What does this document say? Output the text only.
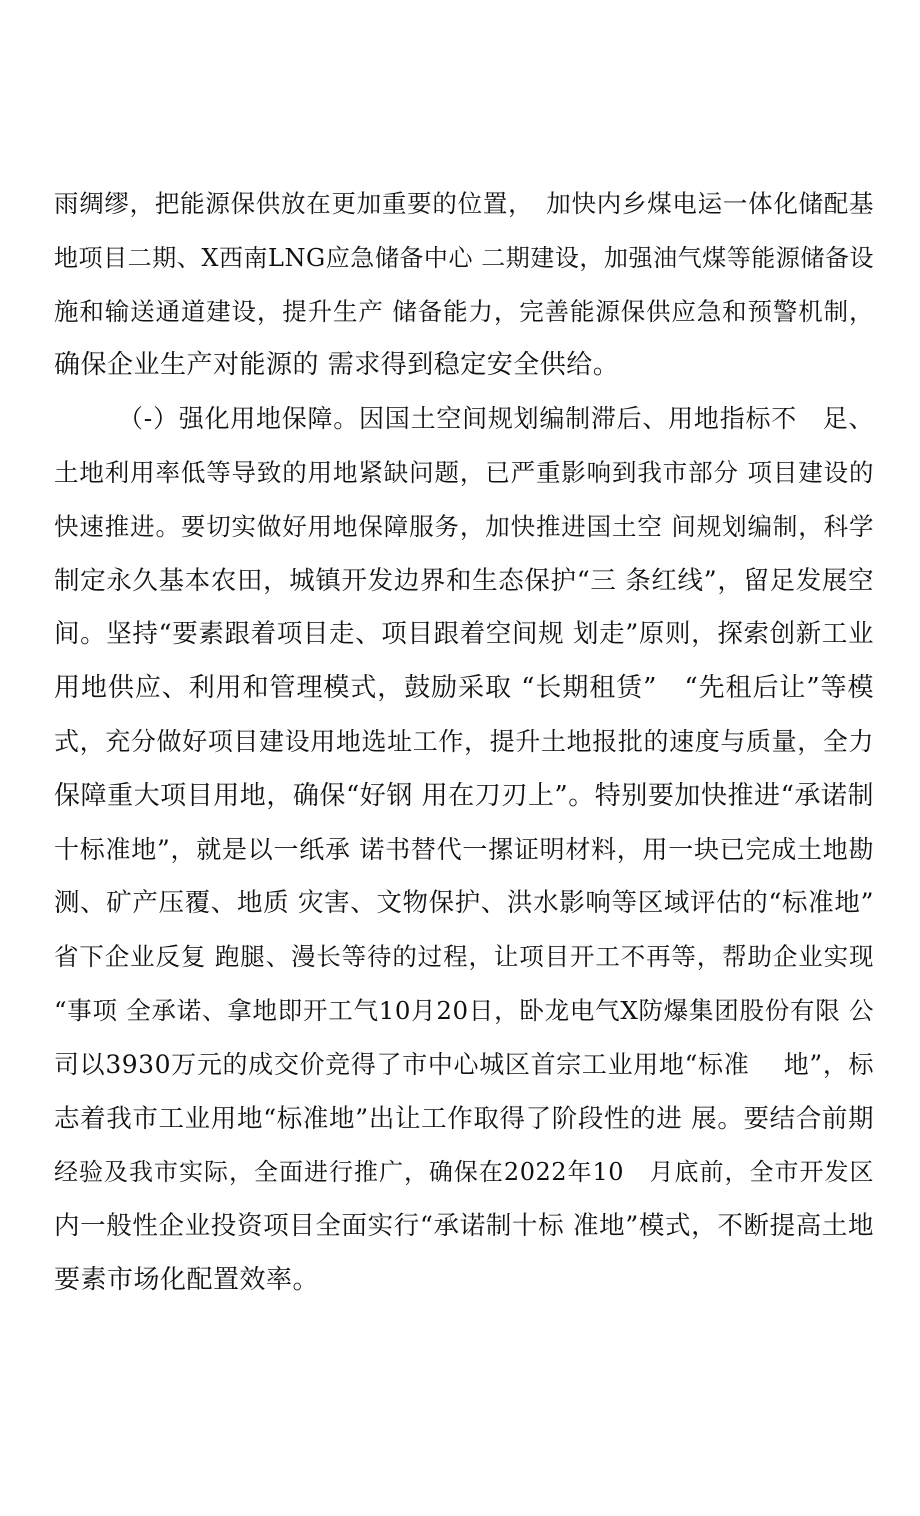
雨绸缪，把能源保供放在更加重要的位置，　加快内乡煤电运一体化储配基
地项目二期、X西南LNG应急储备中心 二期建设，加强油气煤等能源储备设
施和输送通道建设，提升生产 储备能力，完善能源保供应急和预警机制，
确保企业生产对能源的 需求得到稳定安全供给。
（-）强化用地保障。因国土空间规划编制滞后、用地指标不　足、
土地利用率低等导致的用地紧缺问题，已严重影响到我市部分 项目建设的
快速推进。要切实做好用地保障服务，加快推进国土空 间规划编制，科学
制定永久基本农田，城镇开发边界和生态保护“三 条红线”，留足发展空
间。坚持“要素跟着项目走、项目跟着空间规 划走”原则，探索创新工业
用地供应、利用和管理模式，鼓励采取 “长期租赁”　“先租后让”等模
式，充分做好项目建设用地选址工作，提升土地报批的速度与质量，全力
保障重大项目用地，确保“好钢 用在刀刃上”。特别要加快推进“承诺制
十标准地”，就是以一纸承 诺书替代一摞证明材料，用一块已完成土地勘
测、矿产压覆、地质 灾害、文物保护、洪水影响等区域评估的“标准地”
省下企业反复 跑腿、漫长等待的过程，让项目开工不再等，帮助企业实现
“事项 全承诺、拿地即开工气10月20日，卧龙电气X防爆集团股份有限 公
司以3930万元的成交价竞得了市中心城区首宗工业用地“标准　 地”，标
志着我市工业用地“标准地”出让工作取得了阶段性的进 展。要结合前期
经验及我市实际，全面进行推广，确保在2022年10　月底前，全市开发区
内一般性企业投资项目全面实行“承诺制十标 准地”模式，不断提高土地
要素市场化配置效率。
